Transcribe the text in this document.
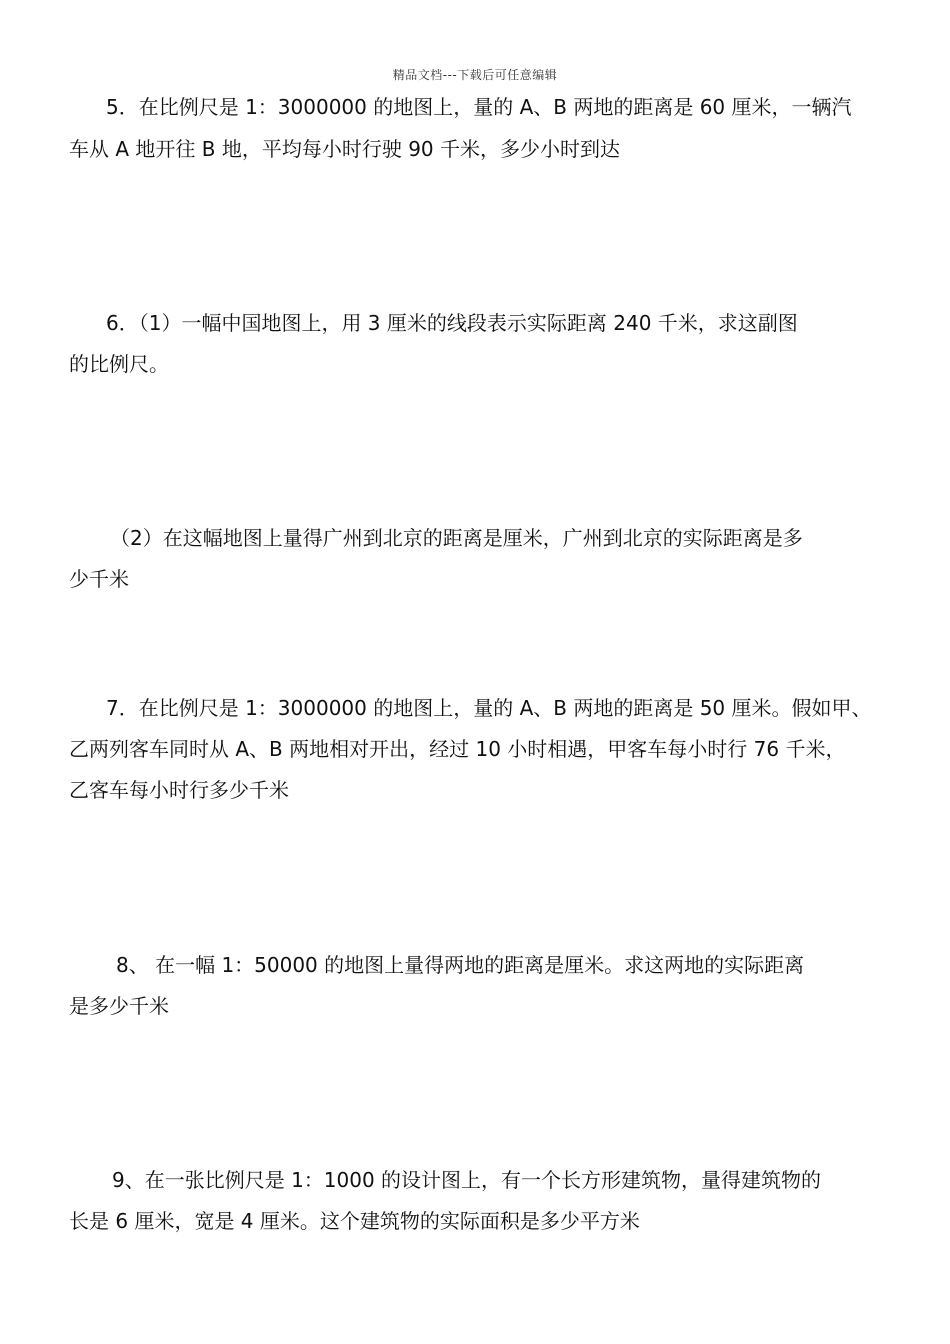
精品文档---下载后可任意编辑
5．在比例尺是 1：3000000 的地图上，量的 A、B 两地的距离是 60 厘米，一辆汽
车从 A 地开往 B 地，平均每小时行驶 90 千米，多少小时到达
6．（1）一幅中国地图上，用 3 厘米的线段表示实际距离 240 千米，求这副图
的比例尺。
（2）在这幅地图上量得广州到北京的距离是厘米，广州到北京的实际距离是多
少千米
7．在比例尺是 1：3000000 的地图上，量的 A、B 两地的距离是 50 厘米。假如甲、
乙两列客车同时从 A、B 两地相对开出，经过 10 小时相遇，甲客车每小时行 76 千米，
乙客车每小时行多少千米
8、 在一幅 1：50000 的地图上量得两地的距离是厘米。求这两地的实际距离
是多少千米
9、在一张比例尺是 1：1000 的设计图上，有一个长方形建筑物，量得建筑物的
长是 6 厘米，宽是 4 厘米。这个建筑物的实际面积是多少平方米
